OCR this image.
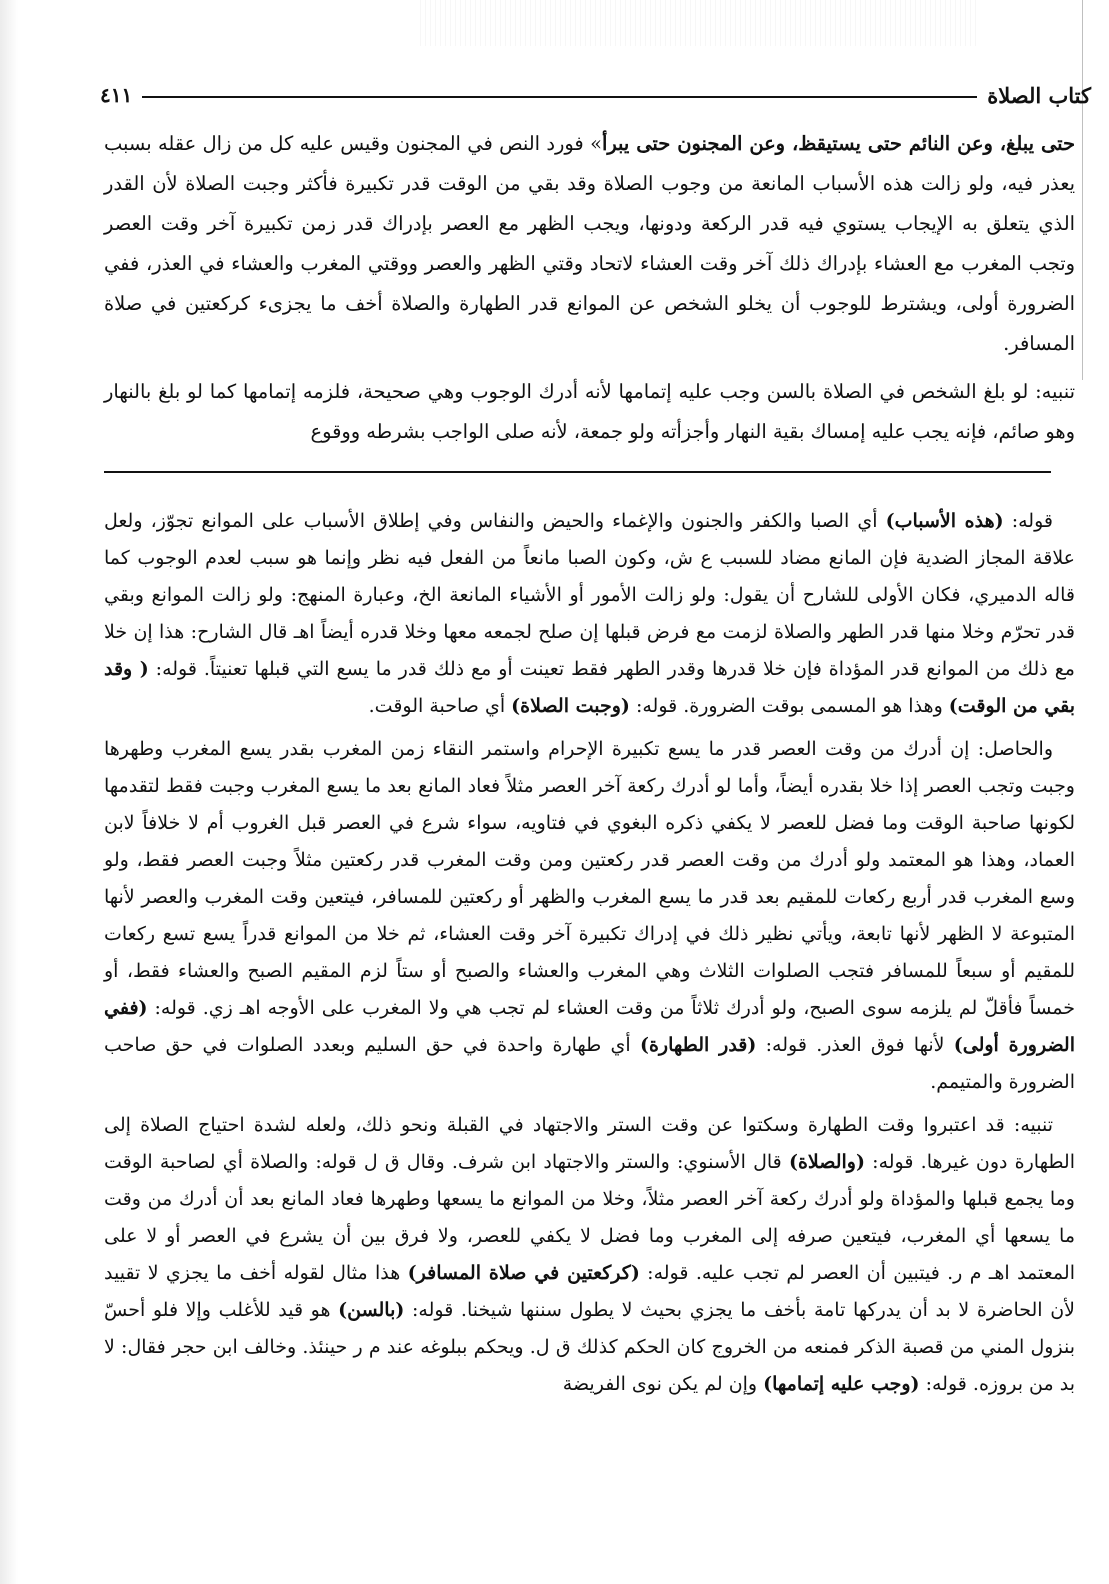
كتاب الصلاة
٤١١

حتى يبلغ، وعن النائم حتى يستيقظ، وعن المجنون حتى يبرأ» فورد النص في المجنون وقيس عليه كل من زال عقله بسبب يعذر فيه، ولو زالت هذه الأسباب المانعة من وجوب الصلاة وقد بقي من الوقت قدر تكبيرة فأكثر وجبت الصلاة لأن القدر الذي يتعلق به الإيجاب يستوي فيه قدر الركعة ودونها، ويجب الظهر مع العصر بإدراك قدر زمن تكبيرة آخر وقت العصر وتجب المغرب مع العشاء بإدراك ذلك آخر وقت العشاء لاتحاد وقتي الظهر والعصر ووقتي المغرب والعشاء في العذر، ففي الضرورة أولى، ويشترط للوجوب أن يخلو الشخص عن الموانع قدر الطهارة والصلاة أخف ما يجزىء كركعتين في صلاة المسافر.

تنبيه: لو بلغ الشخص في الصلاة بالسن وجب عليه إتمامها لأنه أدرك الوجوب وهي صحيحة، فلزمه إتمامها كما لو بلغ بالنهار وهو صائم، فإنه يجب عليه إمساك بقية النهار وأجزأته ولو جمعة، لأنه صلى الواجب بشرطه ووقوع

قوله: (هذه الأسباب) أي الصبا والكفر والجنون والإغماء والحيض والنفاس وفي إطلاق الأسباب على الموانع تجوّز، ولعل علاقة المجاز الضدية فإن المانع مضاد للسبب ع ش، وكون الصبا مانعاً من الفعل فيه نظر وإنما هو سبب لعدم الوجوب كما قاله الدميري، فكان الأولى للشارح أن يقول: ولو زالت الأمور أو الأشياء المانعة الخ، وعبارة المنهج: ولو زالت الموانع وبقي قدر تحرّم وخلا منها قدر الطهر والصلاة لزمت مع فرض قبلها إن صلح لجمعه معها وخلا قدره أيضاً اهـ قال الشارح: هذا إن خلا مع ذلك من الموانع قدر المؤداة فإن خلا قدرها وقدر الطهر فقط تعينت أو مع ذلك قدر ما يسع التي قبلها تعنيتاً. قوله: ( وقد بقي من الوقت) وهذا هو المسمى بوقت الضرورة. قوله: (وجبت الصلاة) أي صاحبة الوقت.

والحاصل: إن أدرك من وقت العصر قدر ما يسع تكبيرة الإحرام واستمر النقاء زمن المغرب بقدر يسع المغرب وطهرها وجبت وتجب العصر إذا خلا بقدره أيضاً، وأما لو أدرك ركعة آخر العصر مثلاً فعاد المانع بعد ما يسع المغرب وجبت فقط لتقدمها لكونها صاحبة الوقت وما فضل للعصر لا يكفي ذكره البغوي في فتاويه، سواء شرع في العصر قبل الغروب أم لا خلافاً لابن العماد، وهذا هو المعتمد ولو أدرك من وقت العصر قدر ركعتين ومن وقت المغرب قدر ركعتين مثلاً وجبت العصر فقط، ولو وسع المغرب قدر أربع ركعات للمقيم بعد قدر ما يسع المغرب والظهر أو ركعتين للمسافر، فيتعين وقت المغرب والعصر لأنها المتبوعة لا الظهر لأنها تابعة، ويأتي نظير ذلك في إدراك تكبيرة آخر وقت العشاء، ثم خلا من الموانع قدراً يسع تسع ركعات للمقيم أو سبعاً للمسافر فتجب الصلوات الثلاث وهي المغرب والعشاء والصبح أو ستاً لزم المقيم الصبح والعشاء فقط، أو خمساً فأقلّ لم يلزمه سوى الصبح، ولو أدرك ثلاثاً من وقت العشاء لم تجب هي ولا المغرب على الأوجه اهـ زي. قوله: (ففي الضرورة أولى) لأنها فوق العذر. قوله: (قدر الطهارة) أي طهارة واحدة في حق السليم وبعدد الصلوات في حق صاحب الضرورة والمتيمم.

تنبيه: قد اعتبروا وقت الطهارة وسكتوا عن وقت الستر والاجتهاد في القبلة ونحو ذلك، ولعله لشدة احتياج الصلاة إلى الطهارة دون غيرها. قوله: (والصلاة) قال الأسنوي: والستر والاجتهاد ابن شرف. وقال ق ل قوله: والصلاة أي لصاحبة الوقت وما يجمع قبلها والمؤداة ولو أدرك ركعة آخر العصر مثلاً، وخلا من الموانع ما يسعها وطهرها فعاد المانع بعد أن أدرك من وقت ما يسعها أي المغرب، فيتعين صرفه إلى المغرب وما فضل لا يكفي للعصر، ولا فرق بين أن يشرع في العصر أو لا على المعتمد اهـ م ر. فيتبين أن العصر لم تجب عليه. قوله: (كركعتين في صلاة المسافر) هذا مثال لقوله أخف ما يجزي لا تقييد لأن الحاضرة لا بد أن يدركها تامة بأخف ما يجزي بحيث لا يطول سننها شيخنا. قوله: (بالسن) هو قيد للأغلب وإلا فلو أحسّ بنزول المني من قصبة الذكر فمنعه من الخروج كان الحكم كذلك ق ل. ويحكم ببلوغه عند م ر حينئذ. وخالف ابن حجر فقال: لا بد من بروزه. قوله: (وجب عليه إتمامها) وإن لم يكن نوى الفريضة
